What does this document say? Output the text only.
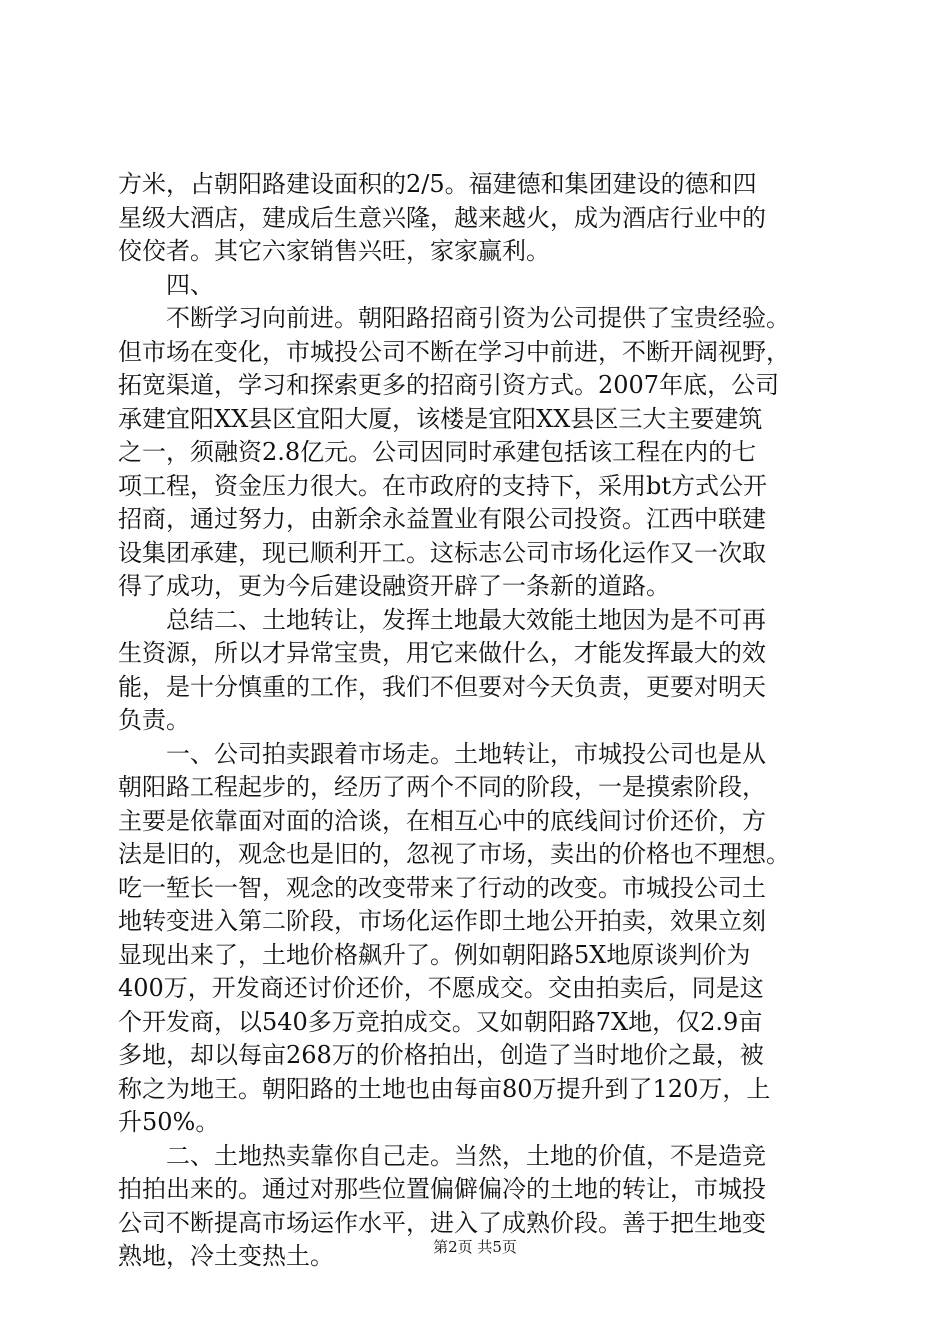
方米，占朝阳路建设面积的2/5。福建德和集团建设的德和四
星级大酒店，建成后生意兴隆，越来越火，成为酒店行业中的
佼佼者。其它六家销售兴旺，家家赢利。
　　四、
　　不断学习向前进。朝阳路招商引资为公司提供了宝贵经验。
但市场在变化，市城投公司不断在学习中前进，不断开阔视野，
拓宽渠道，学习和探索更多的招商引资方式。2007年底，公司
承建宜阳XX县区宜阳大厦，该楼是宜阳XX县区三大主要建筑
之一，须融资2.8亿元。公司因同时承建包括该工程在内的七
项工程，资金压力很大。在市政府的支持下，采用bt方式公开
招商，通过努力，由新余永益置业有限公司投资。江西中联建
设集团承建，现已顺利开工。这标志公司市场化运作又一次取
得了成功，更为今后建设融资开辟了一条新的道路。
　　总结二、土地转让，发挥土地最大效能土地因为是不可再
生资源，所以才异常宝贵，用它来做什么，才能发挥最大的效
能，是十分慎重的工作，我们不但要对今天负责，更要对明天
负责。
　　一、公司拍卖跟着市场走。土地转让，市城投公司也是从
朝阳路工程起步的，经历了两个不同的阶段，一是摸索阶段，
主要是依靠面对面的洽谈，在相互心中的底线间讨价还价，方
法是旧的，观念也是旧的，忽视了市场，卖出的价格也不理想。
吃一堑长一智，观念的改变带来了行动的改变。市城投公司土
地转变进入第二阶段，市场化运作即土地公开拍卖，效果立刻
显现出来了，土地价格飙升了。例如朝阳路5X地原谈判价为
400万，开发商还讨价还价，不愿成交。交由拍卖后，同是这
个开发商，以540多万竞拍成交。又如朝阳路7X地，仅2.9亩
多地，却以每亩268万的价格拍出，创造了当时地价之最，被
称之为地王。朝阳路的土地也由每亩80万提升到了120万，上
升50%。
　　二、土地热卖靠你自己走。当然，土地的价值，不是造竞
拍拍出来的。通过对那些位置偏僻偏冷的土地的转让，市城投
公司不断提高市场运作水平，进入了成熟价段。善于把生地变
熟地，冷土变热土。	第2页 共5页
